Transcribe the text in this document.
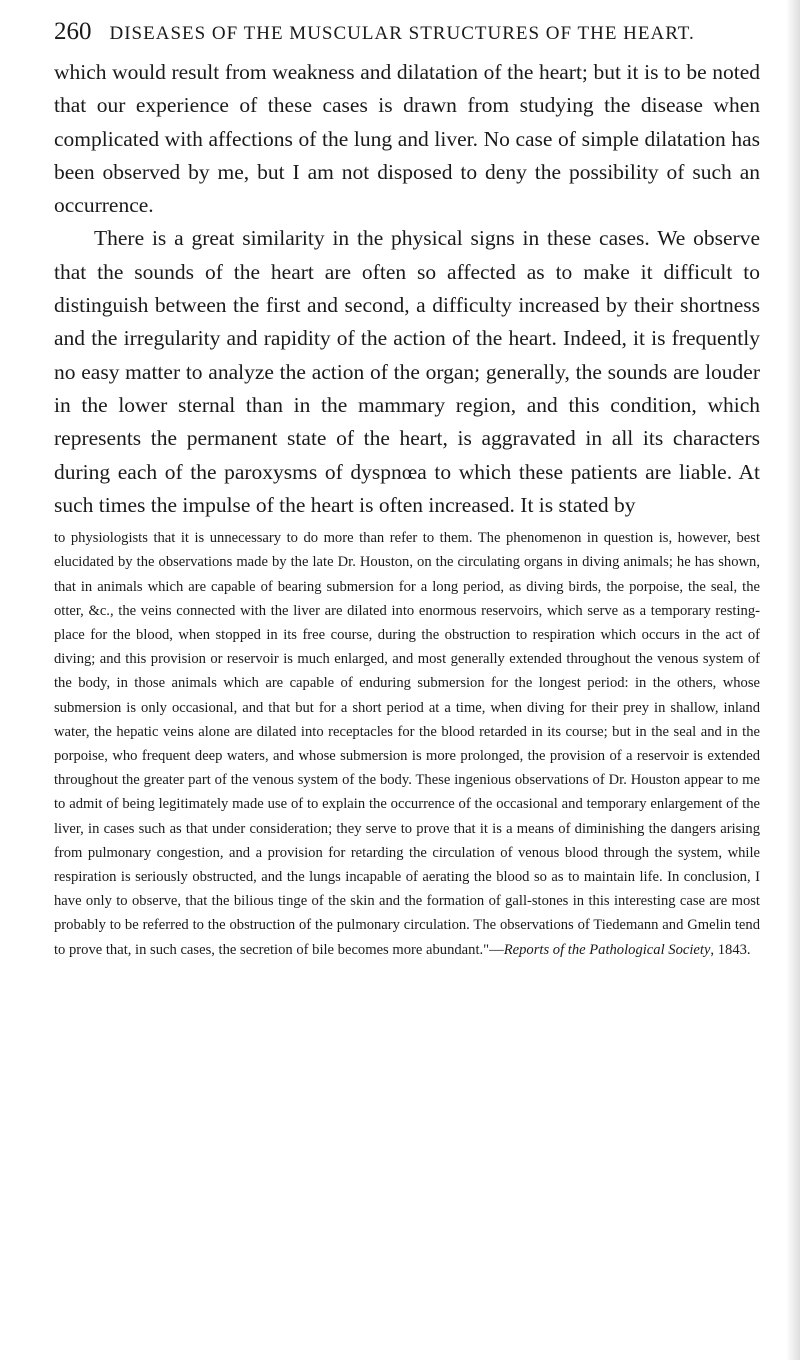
260 DISEASES OF THE MUSCULAR STRUCTURES OF THE HEART.

which would result from weakness and dilatation of the heart; but it is to be noted that our experience of these cases is drawn from studying the disease when complicated with affections of the lung and liver. No case of simple dilatation has been observed by me, but I am not disposed to deny the possibility of such an occurrence.

There is a great similarity in the physical signs in these cases. We observe that the sounds of the heart are often so affected as to make it difficult to distinguish between the first and second, a difficulty increased by their shortness and the irregularity and rapidity of the action of the heart. Indeed, it is frequently no easy matter to analyze the action of the organ; generally, the sounds are louder in the lower sternal than in the mammary region, and this condition, which represents the permanent state of the heart, is aggravated in all its characters during each of the paroxysms of dyspnœa to which these patients are liable. At such times the impulse of the heart is often increased. It is stated by

to physiologists that it is unnecessary to do more than refer to them. The phenomenon in question is, however, best elucidated by the observations made by the late Dr. Houston, on the circulating organs in diving animals; he has shown, that in animals which are capable of bearing submersion for a long period, as diving birds, the porpoise, the seal, the otter, &c., the veins connected with the liver are dilated into enormous reservoirs, which serve as a temporary resting-place for the blood, when stopped in its free course, during the obstruction to respiration which occurs in the act of diving; and this provision or reservoir is much enlarged, and most generally extended throughout the venous system of the body, in those animals which are capable of enduring submersion for the longest period: in the others, whose submersion is only occasional, and that but for a short period at a time, when diving for their prey in shallow, inland water, the hepatic veins alone are dilated into receptacles for the blood retarded in its course; but in the seal and in the porpoise, who frequent deep waters, and whose submersion is more prolonged, the provision of a reservoir is extended throughout the greater part of the venous system of the body. These ingenious observations of Dr. Houston appear to me to admit of being legitimately made use of to explain the occurrence of the occasional and temporary enlargement of the liver, in cases such as that under consideration; they serve to prove that it is a means of diminishing the dangers arising from pulmonary congestion, and a provision for retarding the circulation of venous blood through the system, while respiration is seriously obstructed, and the lungs incapable of aerating the blood so as to maintain life. In conclusion, I have only to observe, that the bilious tinge of the skin and the formation of gall-stones in this interesting case are most probably to be referred to the obstruction of the pulmonary circulation. The observations of Tiedemann and Gmelin tend to prove that, in such cases, the secretion of bile becomes more abundant."—Reports of the Pathological Society, 1843.
